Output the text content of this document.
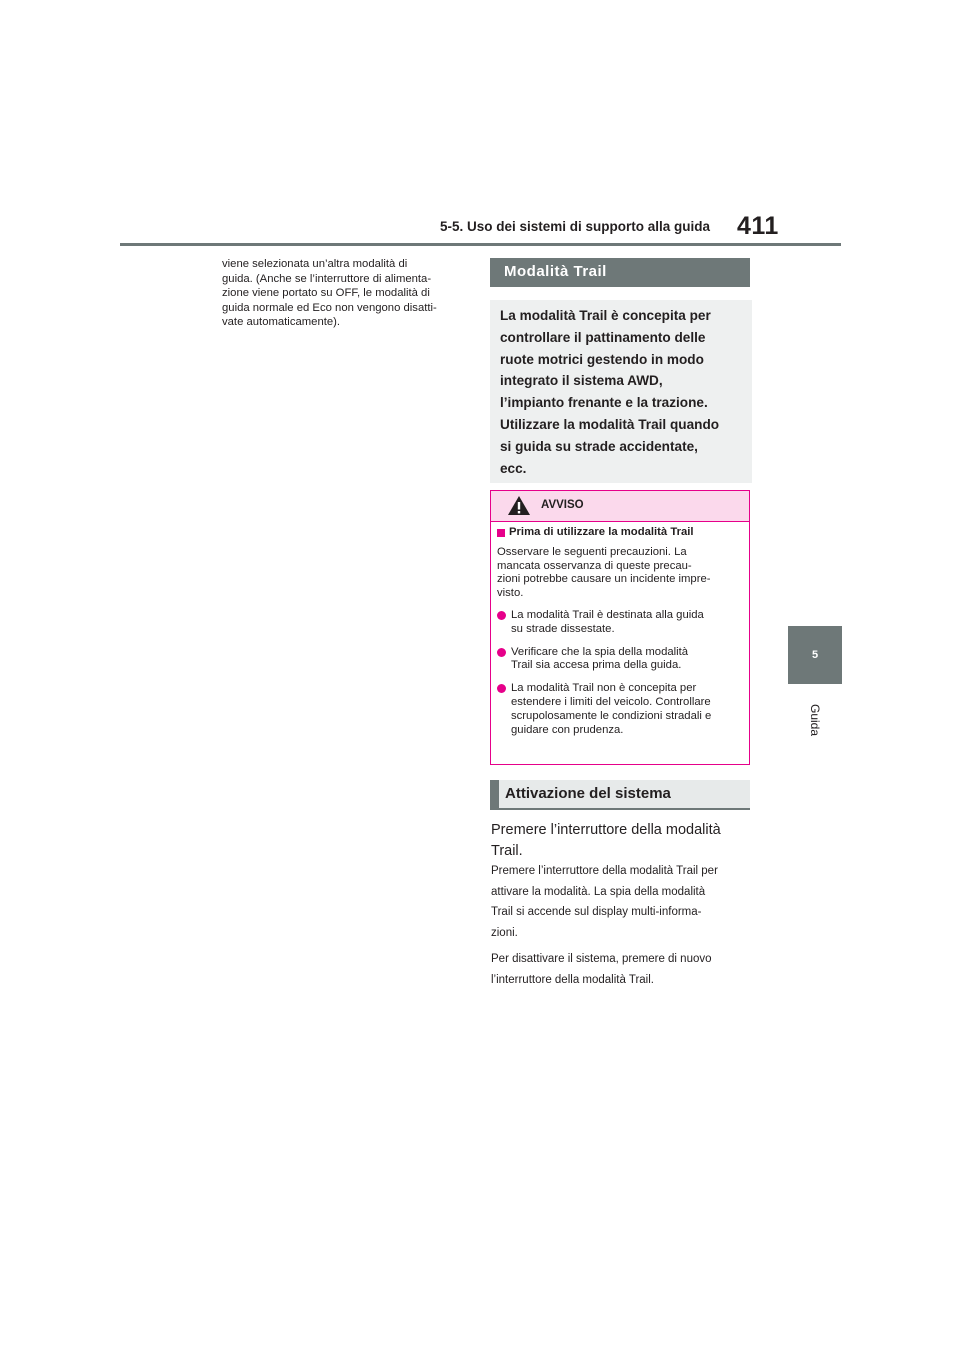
5-5. Uso dei sistemi di supporto alla guida 411
5
Guida
viene selezionata un’altra modalità di
guida. (Anche se l’interruttore di alimenta-
zione viene portato su OFF, le modalità di
guida normale ed Eco non vengono disatti-
vate automaticamente).
Modalità Trail

La modalità Trail è concepita per

controllare il pattinamento delle

ruote motrici gestendo in modo

integrato il sistema AWD,

l’impianto frenante e la trazione.

Utilizzare la modalità Trail quando

si guida su strade accidentate,

ecc.

AVVISO
Prima di utilizzare la modalità Trail
Osservare le seguenti precauzioni. La
mancata osservanza di queste precau-
zioni potrebbe causare un incidente impre-
visto.
La modalità Trail è destinata alla guida
su strade dissestate.
Verificare che la spia della modalità
Trail sia accesa prima della guida.
La modalità Trail non è concepita per
estendere i limiti del veicolo. Controllare
scrupolosamente le condizioni stradali e
guidare con prudenza.
Attivazione del sistema
Premere l’interruttore della modalità
Trail.

Premere l’interruttore della modalità Trail per
attivare la modalità. La spia della modalità
Trail si accende sul display multi-informa-
zioni.

Per disattivare il sistema, premere di nuovo
l’interruttore della modalità Trail.
